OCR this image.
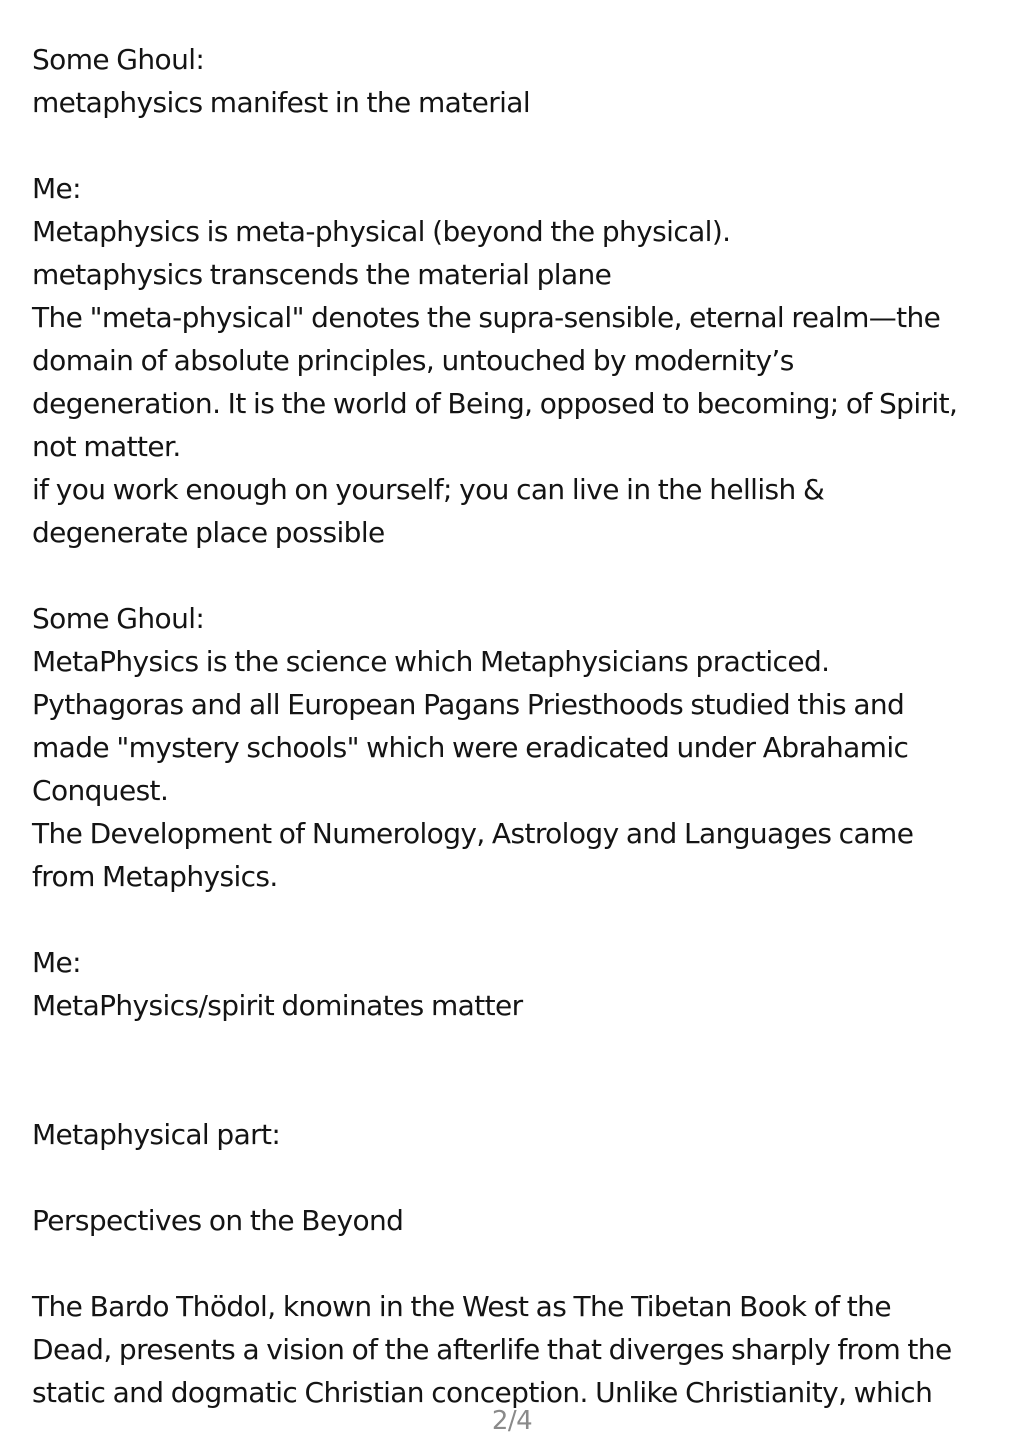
Some Ghoul:
metaphysics manifest in the material
Me:
Metaphysics is meta-physical (beyond the physical).
metaphysics transcends the material plane
The "meta-physical" denotes the supra-sensible, eternal realm—the
domain of absolute principles, untouched by modernity’s
degeneration. It is the world of Being, opposed to becoming; of Spirit,
not matter.
if you work enough on yourself; you can live in the hellish &
degenerate place possible
Some Ghoul:
MetaPhysics is the science which Metaphysicians practiced.
Pythagoras and all European Pagans Priesthoods studied this and
made "mystery schools" which were eradicated under Abrahamic
Conquest.
The Development of Numerology, Astrology and Languages came
from Metaphysics.
Me:
MetaPhysics/spirit dominates matter
Metaphysical part:
Perspectives on the Beyond
The Bardo Thödol, known in the West as The Tibetan Book of the
Dead, presents a vision of the afterlife that diverges sharply from the
static and dogmatic Christian conception. Unlike Christianity, which
2/4
